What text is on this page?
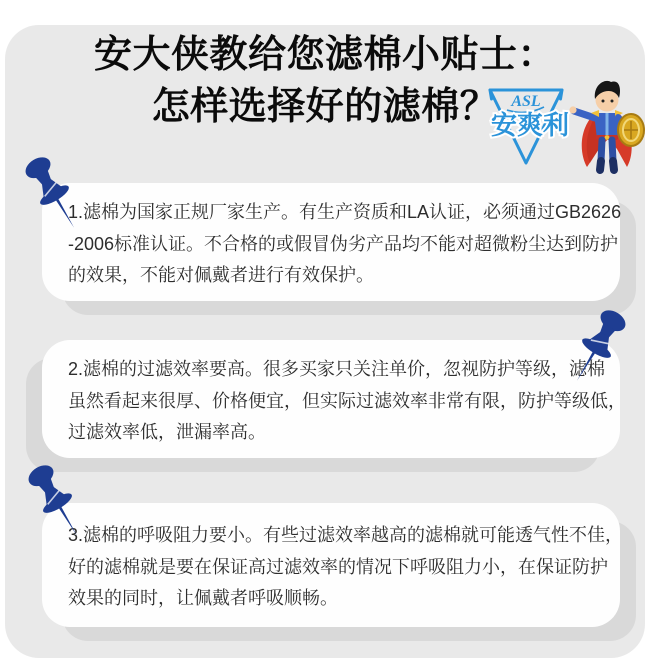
安大侠教给您滤棉小贴士：
怎样选择好的滤棉？ ASL
安爽利
1.滤棉为国家正规厂家生产。有生产资质和LA认证，必须通过GB2626
-2006标准认证。不合格的或假冒伪劣产品均不能对超微粉尘达到防护
的效果，不能对佩戴者进行有效保护。
2.滤棉的过滤效率要高。很多买家只关注单价，忽视防护等级，滤棉
虽然看起来很厚、价格便宜，但实际过滤效率非常有限，防护等级低，
过滤效率低，泄漏率高。
3.滤棉的呼吸阻力要小。有些过滤效率越高的滤棉就可能透气性不佳，
好的滤棉就是要在保证高过滤效率的情况下呼吸阻力小，在保证防护
效果的同时，让佩戴者呼吸顺畅。
